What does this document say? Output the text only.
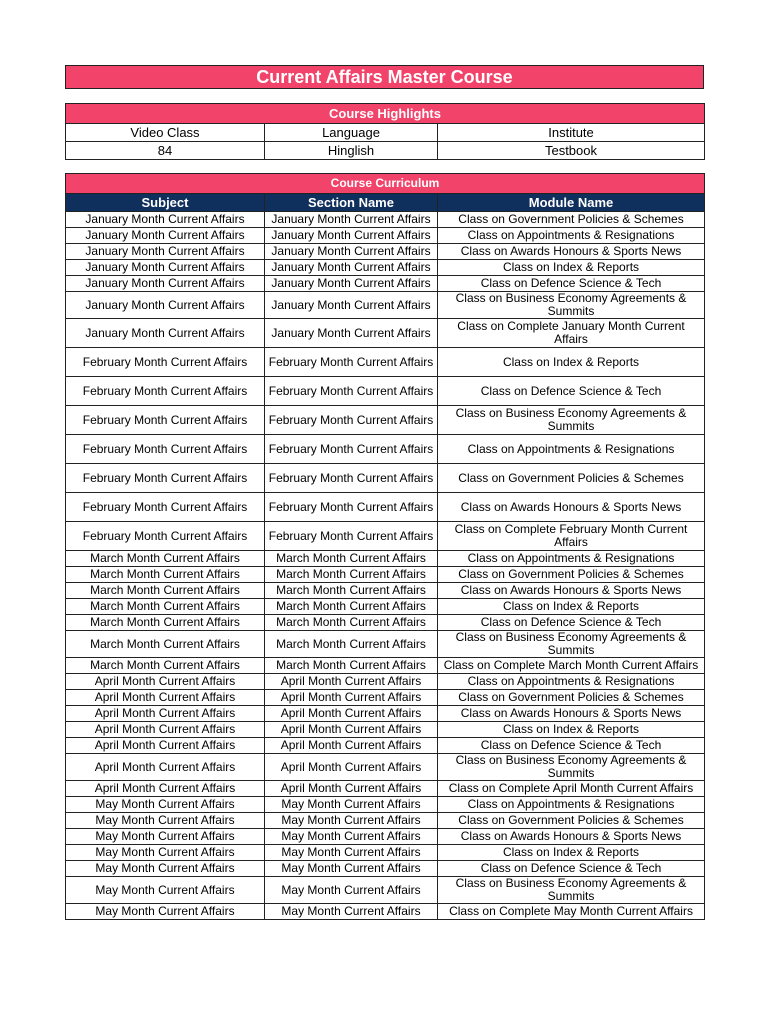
Current Affairs Master Course
Course Highlights		
Video Class	Language	Institute
84	Hinglish	Testbook
Course Curriculum		
Subject	Section Name	Module Name
January Month Current Affairs	January Month Current Affairs	Class on Government Policies & Schemes
January Month Current Affairs	January Month Current Affairs	Class on Appointments & Resignations
January Month Current Affairs	January Month Current Affairs	Class on Awards Honours & Sports News
January Month Current Affairs	January Month Current Affairs	Class on Index & Reports
January Month Current Affairs	January Month Current Affairs	Class on Defence Science & Tech
January Month Current Affairs	January Month Current Affairs	Class on Business Economy Agreements & Summits
January Month Current Affairs	January Month Current Affairs	Class on Complete January Month Current Affairs
February Month Current Affairs	February Month Current Affairs	Class on Index & Reports
February Month Current Affairs	February Month Current Affairs	Class on Defence Science & Tech
February Month Current Affairs	February Month Current Affairs	Class on Business Economy Agreements & Summits
February Month Current Affairs	February Month Current Affairs	Class on Appointments & Resignations
February Month Current Affairs	February Month Current Affairs	Class on Government Policies & Schemes
February Month Current Affairs	February Month Current Affairs	Class on Awards Honours & Sports News
February Month Current Affairs	February Month Current Affairs	Class on Complete February Month Current Affairs
March Month Current Affairs	March Month Current Affairs	Class on Appointments & Resignations
March Month Current Affairs	March Month Current Affairs	Class on Government Policies & Schemes
March Month Current Affairs	March Month Current Affairs	Class on Awards Honours & Sports News
March Month Current Affairs	March Month Current Affairs	Class on Index & Reports
March Month Current Affairs	March Month Current Affairs	Class on Defence Science & Tech
March Month Current Affairs	March Month Current Affairs	Class on Business Economy Agreements & Summits
March Month Current Affairs	March Month Current Affairs	Class on Complete March Month Current Affairs
April Month Current Affairs	April Month Current Affairs	Class on Appointments & Resignations
April Month Current Affairs	April Month Current Affairs	Class on Government Policies & Schemes
April Month Current Affairs	April Month Current Affairs	Class on Awards Honours & Sports News
April Month Current Affairs	April Month Current Affairs	Class on Index & Reports
April Month Current Affairs	April Month Current Affairs	Class on Defence Science & Tech
April Month Current Affairs	April Month Current Affairs	Class on Business Economy Agreements & Summits
April Month Current Affairs	April Month Current Affairs	Class on Complete April Month Current Affairs
May Month Current Affairs	May Month Current Affairs	Class on Appointments & Resignations
May Month Current Affairs	May Month Current Affairs	Class on Government Policies & Schemes
May Month Current Affairs	May Month Current Affairs	Class on Awards Honours & Sports News
May Month Current Affairs	May Month Current Affairs	Class on Index & Reports
May Month Current Affairs	May Month Current Affairs	Class on Defence Science & Tech
May Month Current Affairs	May Month Current Affairs	Class on Business Economy Agreements & Summits
May Month Current Affairs	May Month Current Affairs	Class on Complete May Month Current Affairs
